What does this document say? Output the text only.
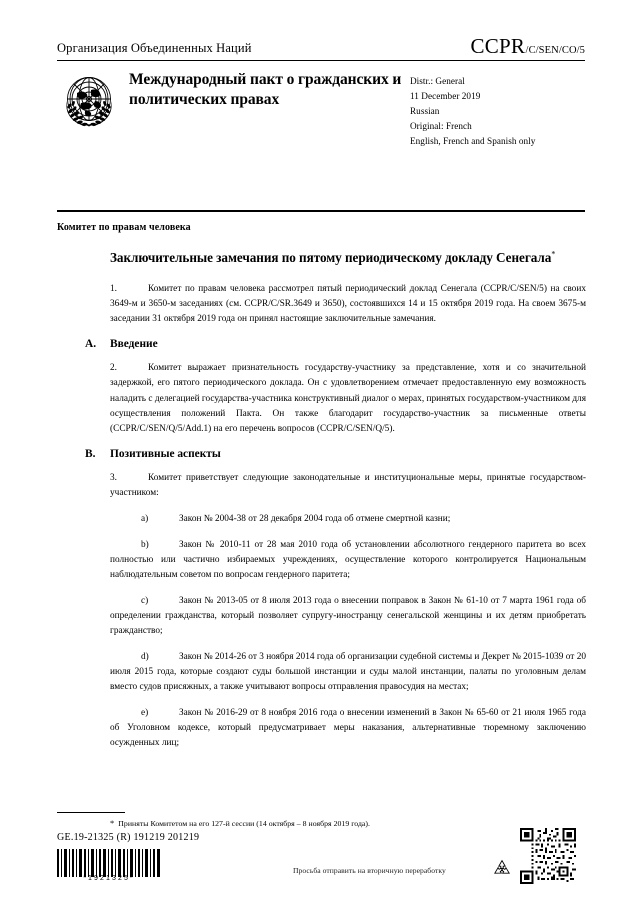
Организация Объединенных Наций	CCPR /C/SEN/CO/5
Международный пакт о гражданских и политических правах
Distr.: General
11 December 2019
Russian
Original: French
English, French and Spanish only
Комитет по правам человека
Заключительные замечания по пятому периодическому докладу Сенегала*

1.	Комитет по правам человека рассмотрел пятый периодический доклад Сенегала (CCPR/C/SEN/5) на своих 3649-м и 3650-м заседаниях (см. CCPR/C/SR.3649 и 3650), состоявшихся 14 и 15 октября 2019 года. На своем 3675-м заседании 31 октября 2019 года он принял настоящие заключительные замечания.

A.	Введение

2.	Комитет выражает признательность государству-участнику за представление, хотя и со значительной задержкой, его пятого периодического доклада. Он с удовлетворением отмечает предоставленную ему возможность наладить с делегацией государства-участника конструктивный диалог о мерах, принятых государством-участником для осуществления положений Пакта. Он также благодарит государство-участник за письменные ответы (CCPR/C/SEN/Q/5/Add.1) на его перечень вопросов (CCPR/C/SEN/Q/5).

B.	Позитивные аспекты

3.	Комитет приветствует следующие законодательные и институциональные меры, принятые государством-участником:

a)	Закон № 2004-38 от 28 декабря 2004 года об отмене смертной казни;

b)	Закон № 2010-11 от 28 мая 2010 года об установлении абсолютного гендерного паритета во всех полностью или частично избираемых учреждениях, осуществление которого контролируется Национальным наблюдательным советом по вопросам гендерного паритета;

c)	Закон № 2013-05 от 8 июля 2013 года о внесении поправок в Закон № 61-10 от 7 марта 1961 года об определении гражданства, который позволяет супругу-иностранцу сенегальской женщины и их детям приобретать гражданство;

d)	Закон № 2014-26 от 3 ноября 2014 года об организации судебной системы и Декрет № 2015-1039 от 20 июля 2015 года, которые создают суды большой инстанции и суды малой инстанции, палаты по уголовным делам вместо судов присяжных, а также учитывают вопросы отправления правосудия на местах;

e)	Закон № 2016-29 от 8 ноября 2016 года о внесении изменений в Закон № 65-60 от 21 июля 1965 года об Уголовном кодексе, который предусматривает меры наказания, альтернативные тюремному заключению осужденных лиц;

* Приняты Комитетом на его 127-й сессии (14 октября – 8 ноября 2019 года).
GE.19-21325 (R) 191219 201219
*1921325*
Просьба отправить на вторичную переработку
